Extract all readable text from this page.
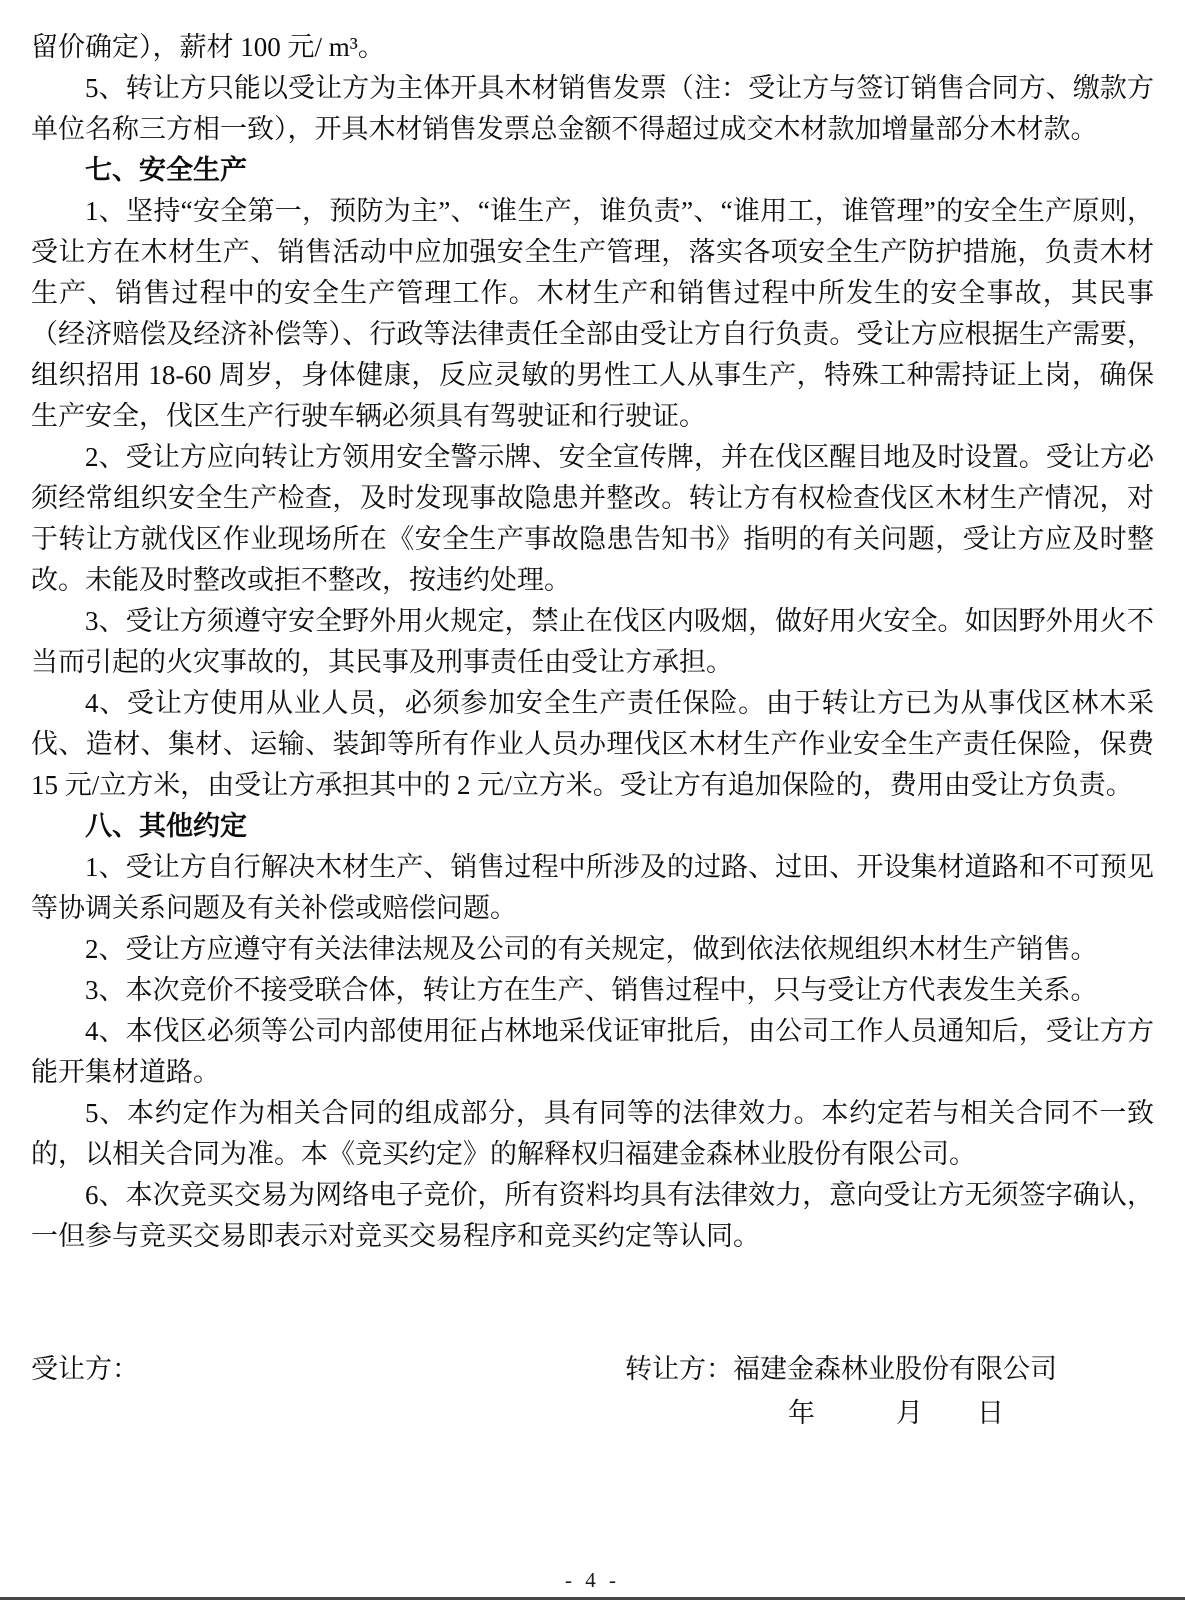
留价确定），薪材 100 元/ m³。

5、转让方只能以受让方为主体开具木材销售发票（注：受让方与签订销售合同方、缴款方单位名称三方相一致），开具木材销售发票总金额不得超过成交木材款加增量部分木材款。

七、安全生产

1、坚持“安全第一，预防为主”、“谁生产，谁负责”、“谁用工，谁管理”的安全生产原则，受让方在木材生产、销售活动中应加强安全生产管理，落实各项安全生产防护措施，负责木材生产、销售过程中的安全生产管理工作。木材生产和销售过程中所发生的安全事故，其民事（经济赔偿及经济补偿等）、行政等法律责任全部由受让方自行负责。受让方应根据生产需要，组织招用 18-60 周岁，身体健康，反应灵敏的男性工人从事生产，特殊工种需持证上岗，确保生产安全，伐区生产行驶车辆必须具有驾驶证和行驶证。

2、受让方应向转让方领用安全警示牌、安全宣传牌，并在伐区醒目地及时设置。受让方必须经常组织安全生产检查，及时发现事故隐患并整改。转让方有权检查伐区木材生产情况，对于转让方就伐区作业现场所在《安全生产事故隐患告知书》指明的有关问题，受让方应及时整改。未能及时整改或拒不整改，按违约处理。

3、受让方须遵守安全野外用火规定，禁止在伐区内吸烟，做好用火安全。如因野外用火不当而引起的火灾事故的，其民事及刑事责任由受让方承担。

4、受让方使用从业人员，必须参加安全生产责任保险。由于转让方已为从事伐区林木采伐、造材、集材、运输、装卸等所有作业人员办理伐区木材生产作业安全生产责任保险，保费 15 元/立方米，由受让方承担其中的 2 元/立方米。受让方有追加保险的，费用由受让方负责。

八、其他约定

1、受让方自行解决木材生产、销售过程中所涉及的过路、过田、开设集材道路和不可预见等协调关系问题及有关补偿或赔偿问题。

2、受让方应遵守有关法律法规及公司的有关规定，做到依法依规组织木材生产销售。

3、本次竞价不接受联合体，转让方在生产、销售过程中，只与受让方代表发生关系。

4、本伐区必须等公司内部使用征占林地采伐证审批后，由公司工作人员通知后，受让方方能开集材道路。

5、本约定作为相关合同的组成部分，具有同等的法律效力。本约定若与相关合同不一致的，以相关合同为准。本《竞买约定》的解释权归福建金森林业股份有限公司。

6、本次竞买交易为网络电子竞价，所有资料均具有法律效力，意向受让方无须签字确认，一但参与竞买交易即表示对竞买交易程序和竞买约定等认同。

受让方：	转让方：福建金森林业股份有限公司
年　　　月　　日
- 4 -
